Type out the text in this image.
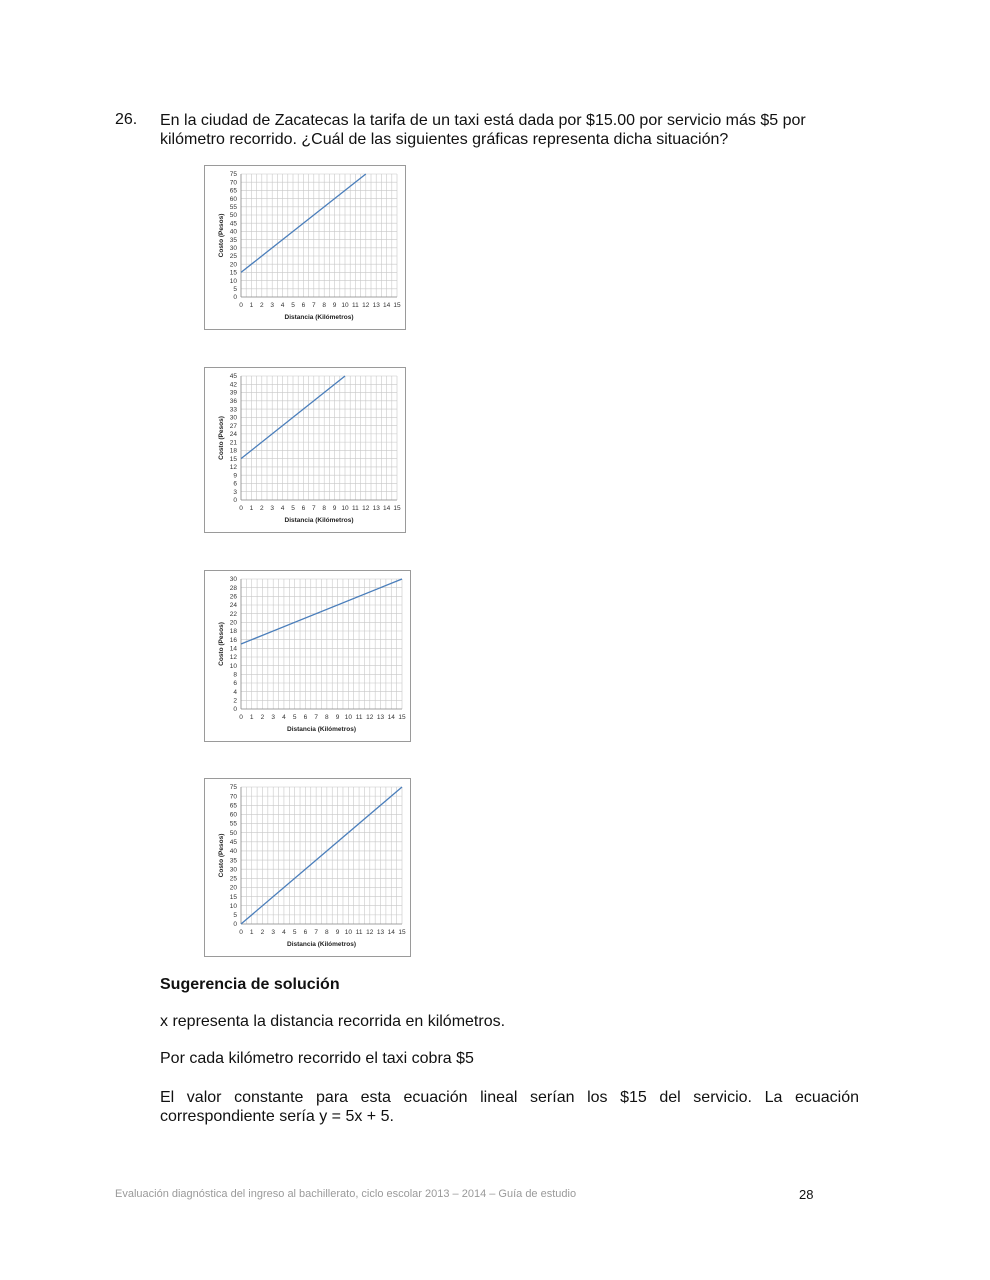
26. En la ciudad de Zacatecas la tarifa de un taxi está dada por $15.00 por servicio más $5 por kilómetro recorrido. ¿Cuál de las siguientes gráficas representa dicha situación?
0 1 2 3 4 5 6 7 8 9 10 11 12 13 14 15
0
5
10
15
20
25
30
35
40
45
50
55
60
65
70
75
Distancia (Kilómetros)
Costo (Pesos)
0 1 2 3 4 5 6 7 8 9 10 11 12 13 14 15
0
3
6
9
12
15
18
21
24
27
30
33
36
39
42
45
Distancia (Kilómetros)
Costo (Pesos)
0 1 2 3 4 5 6 7 8 9 10 11 12 13 14 15
0
2
4
6
8
10
12
14
16
18
20
22
24
26
28
30
Distancia (Kilómetros)
Costo (Pesos)
0 1 2 3 4 5 6 7 8 9 10 11 12 13 14 15
0
5
10
15
20
25
30
35
40
45
50
55
60
65
70
75
Distancia (Kilómetros)
Costo (Pesos)
Sugerencia de solución
x representa la distancia recorrida en kilómetros.
Por cada kilómetro recorrido el taxi cobra $5
El valor constante para esta ecuación lineal serían los $15 del servicio. La ecuación correspondiente sería y = 5x + 5.
Evaluación diagnóstica del ingreso al bachillerato, ciclo escolar 2013 – 2014 – Guía de estudio	28
